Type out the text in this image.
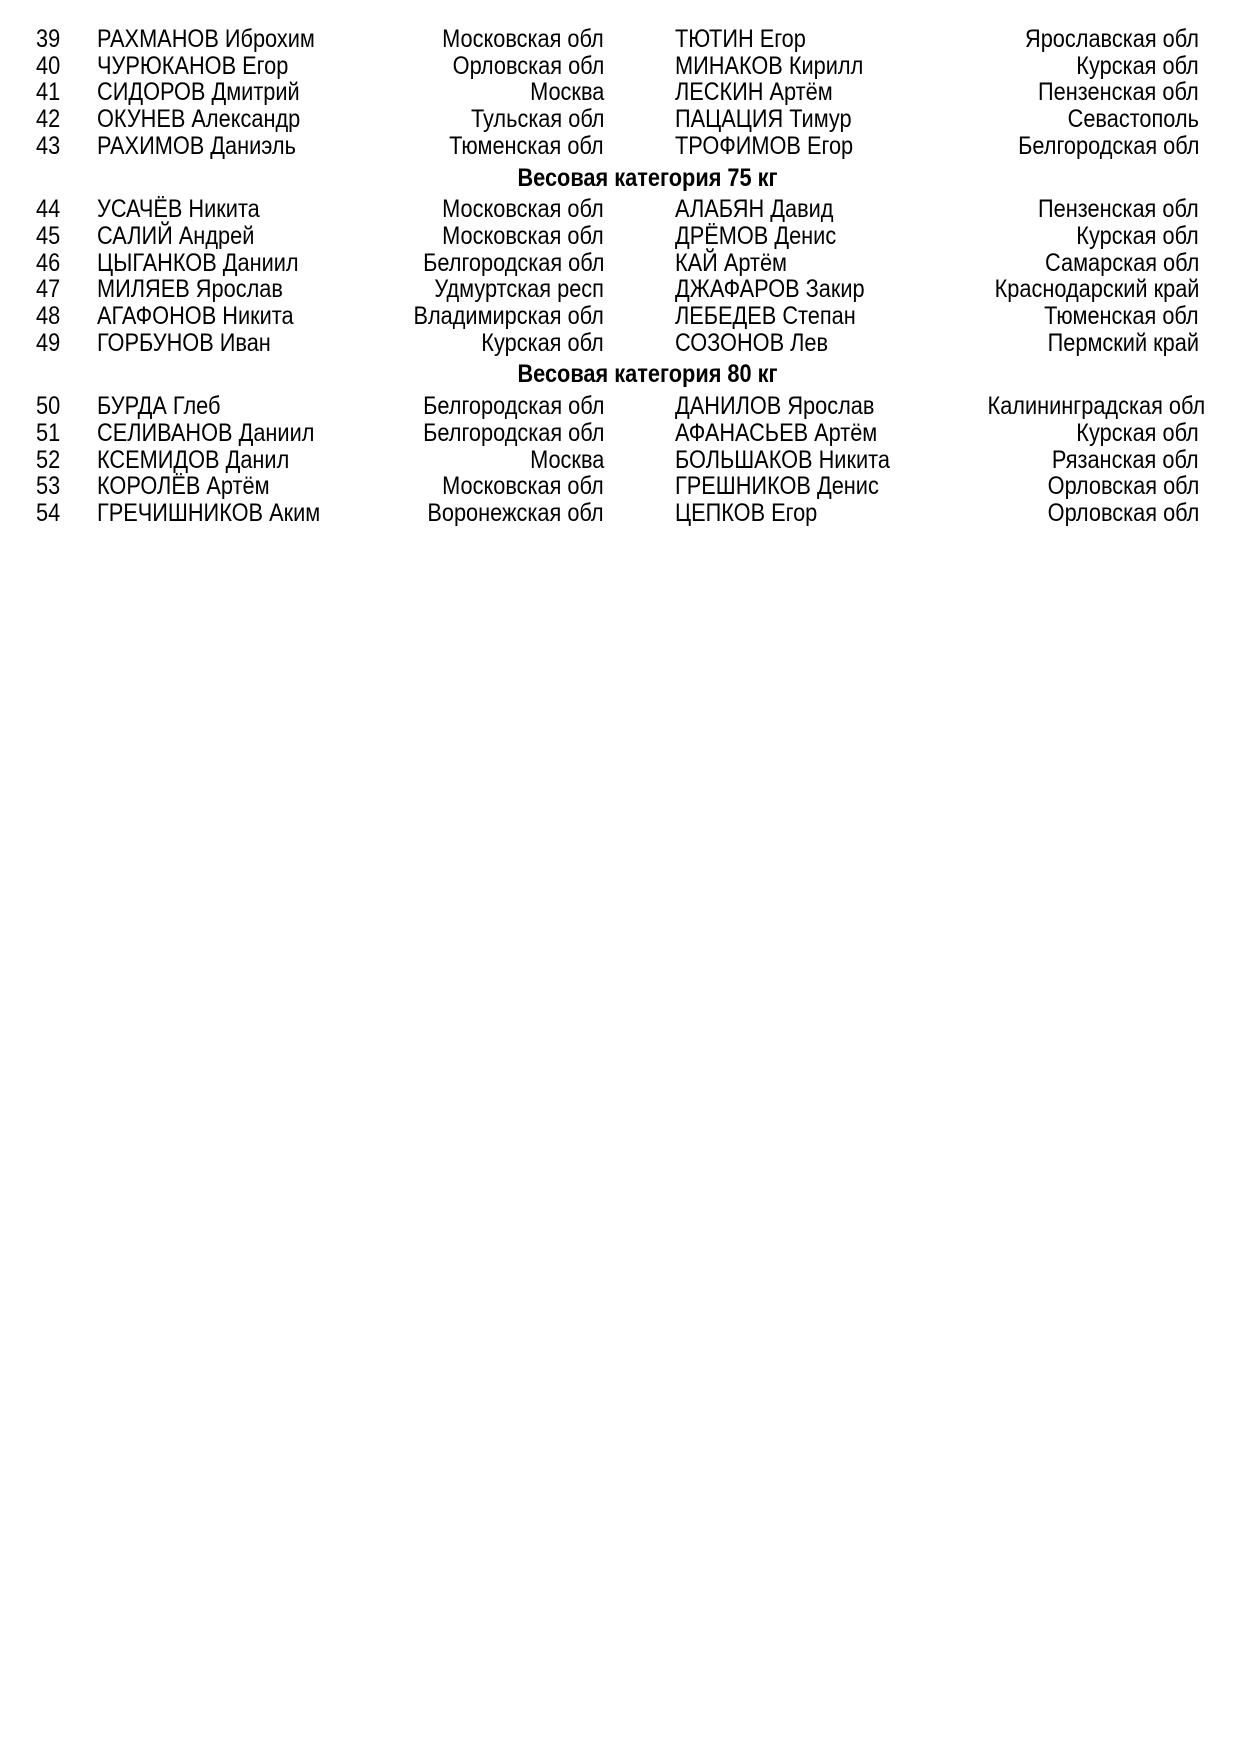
39	РАХМАНОВ Иброхим	Московская обл	ТЮТИН Егор	Ярославская обл
40	ЧУРЮКАНОВ Егор	Орловская обл	МИНАКОВ Кирилл	Курская обл
41	СИДОРОВ Дмитрий	Москва	ЛЕСКИН Артём	Пензенская обл
42	ОКУНЕВ Александр	Тульская обл	ПАЦАЦИЯ Тимур	Севастополь
43	РАХИМОВ Даниэль	Тюменская обл	ТРОФИМОВ Егор	Белгородская обл
Весовая категория 75 кг
44	УСАЧЁВ Никита	Московская обл	АЛАБЯН Давид	Пензенская обл
45	САЛИЙ Андрей	Московская обл	ДРЁМОВ Денис	Курская обл
46	ЦЫГАНКОВ Даниил	Белгородская обл	КАЙ Артём	Самарская обл
47	МИЛЯЕВ Ярослав	Удмуртская респ	ДЖАФАРОВ Закир	Краснодарский край
48	АГАФОНОВ Никита	Владимирская обл	ЛЕБЕДЕВ Степан	Тюменская обл
49	ГОРБУНОВ Иван	Курская обл	СОЗОНОВ Лев	Пермский край
Весовая категория 80 кг
50	БУРДА Глеб	Белгородская обл	ДАНИЛОВ Ярослав	Калининградская обл
51	СЕЛИВАНОВ Даниил	Белгородская обл	АФАНАСЬЕВ Артём	Курская обл
52	КСЕМИДОВ Данил	Москва	БОЛЬШАКОВ Никита	Рязанская обл
53	КОРОЛЁВ Артём	Московская обл	ГРЕШНИКОВ Денис	Орловская обл
54	ГРЕЧИШНИКОВ Аким	Воронежская обл	ЦЕПКОВ Егор	Орловская обл
